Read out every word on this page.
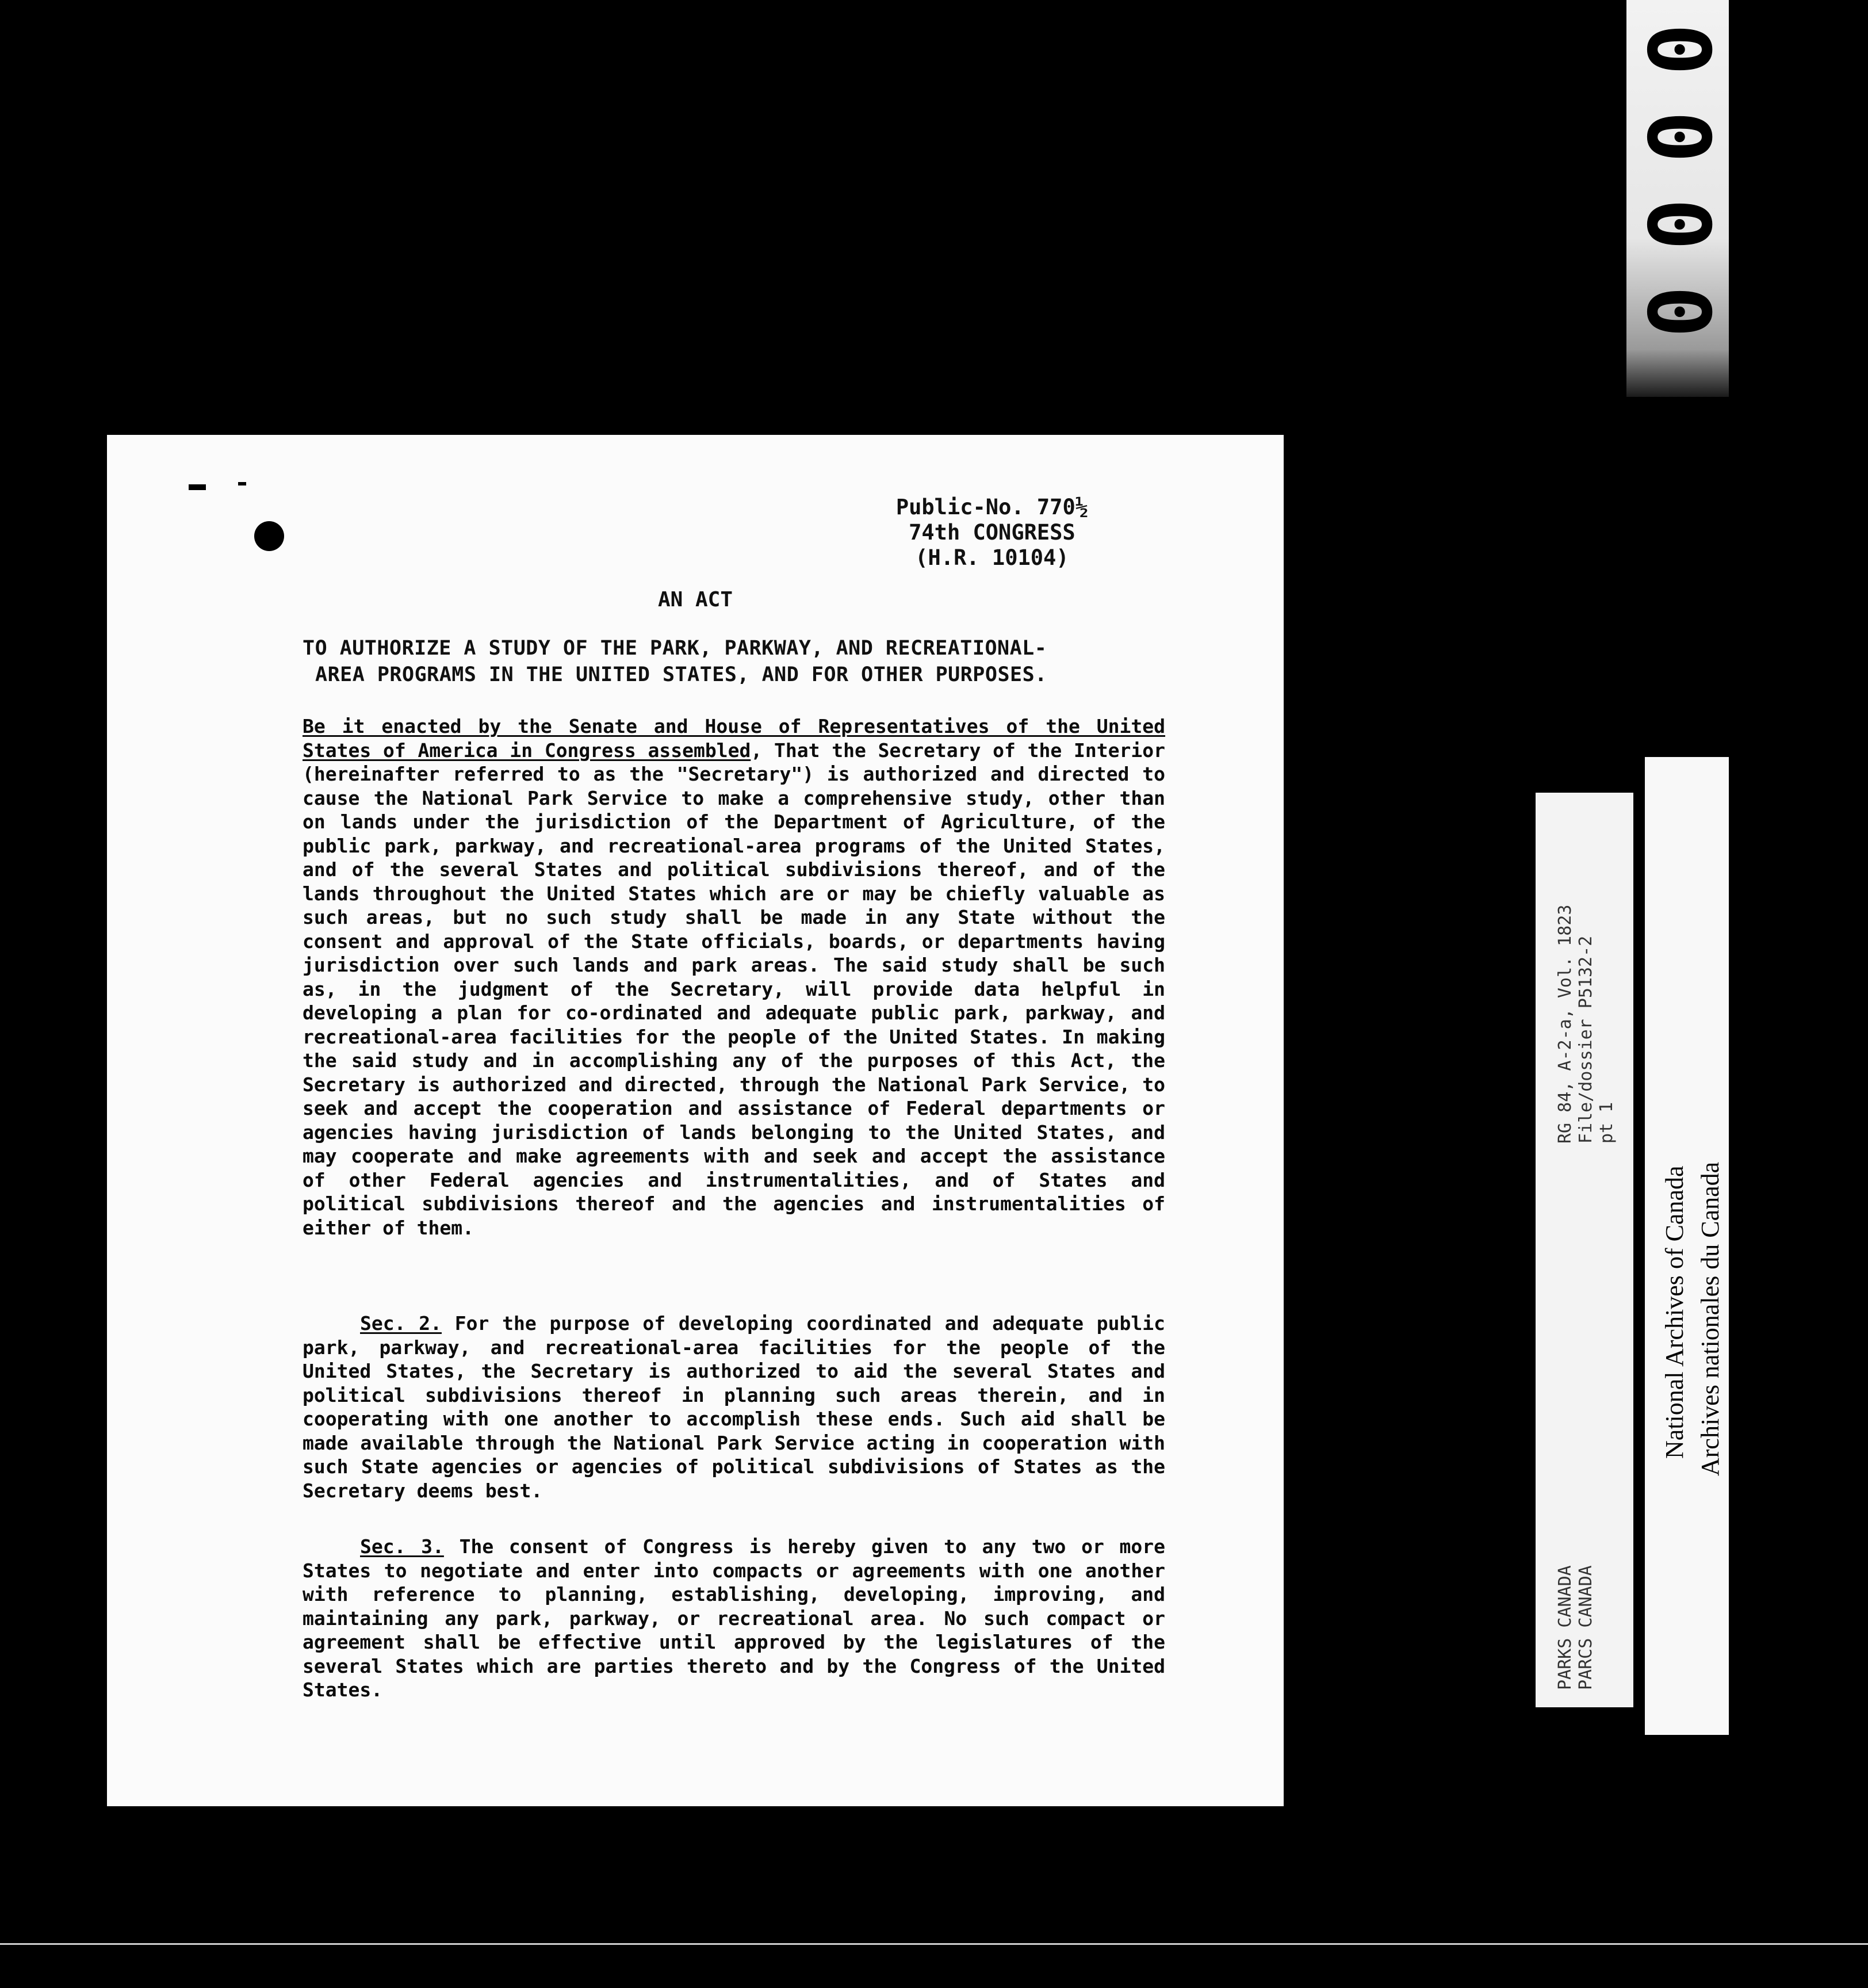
0
0
0
0
Public-No. 770½
74th CONGRESS
(H.R. 10104)
AN ACT
TO AUTHORIZE A STUDY OF THE PARK, PARKWAY, AND RECREATIONAL-
AREA PROGRAMS IN THE UNITED STATES, AND FOR OTHER PURPOSES.
Be it enacted by the Senate and House of Representatives of the United States of America in Congress assembled, That the Secretary of the Interior (hereinafter referred to as the "Secretary") is authorized and directed to cause the National Park Service to make a comprehensive study, other than on lands under the jurisdiction of the Department of Agriculture, of the public park, parkway, and recreational-area programs of the United States, and of the several States and political subdivisions thereof, and of the lands throughout the United States which are or may be chiefly valuable as such areas, but no such study shall be made in any State without the consent and approval of the State officials, boards, or departments having jurisdiction over such lands and park areas. The said study shall be such as, in the judgment of the Secretary, will provide data helpful in developing a plan for co-ordinated and adequate public park, parkway, and recreational-area facilities for the people of the United States. In making the said study and in accomplishing any of the purposes of this Act, the Secretary is authorized and directed, through the National Park Service, to seek and accept the cooperation and assistance of Federal departments or agencies having jurisdiction of lands belonging to the United States, and may cooperate and make agreements with and seek and accept the assistance of other Federal agencies and instrumentalities, and of States and political subdivisions thereof and the agencies and instrumentalities of either of them.
Sec. 2. For the purpose of developing coordinated and adequate public park, parkway, and recreational-area facilities for the people of the United States, the Secretary is authorized to aid the several States and political subdivisions thereof in planning such areas therein, and in cooperating with one another to accomplish these ends. Such aid shall be made available through the National Park Service acting in cooperation with such State agencies or agencies of political subdivisions of States as the Secretary deems best.
Sec. 3. The consent of Congress is hereby given to any two or more States to negotiate and enter into compacts or agreements with one another with reference to planning, establishing, developing, improving, and maintaining any park, parkway, or recreational area. No such compact or agreement shall be effective until approved by the legislatures of the several States which are parties thereto and by the Congress of the United States.
RG 84, A-2-a, Vol. 1823 File/dossier P5132-2 pt 1
PARKS CANADA PARCS CANADA
National Archives of Canada Archives nationales du Canada
